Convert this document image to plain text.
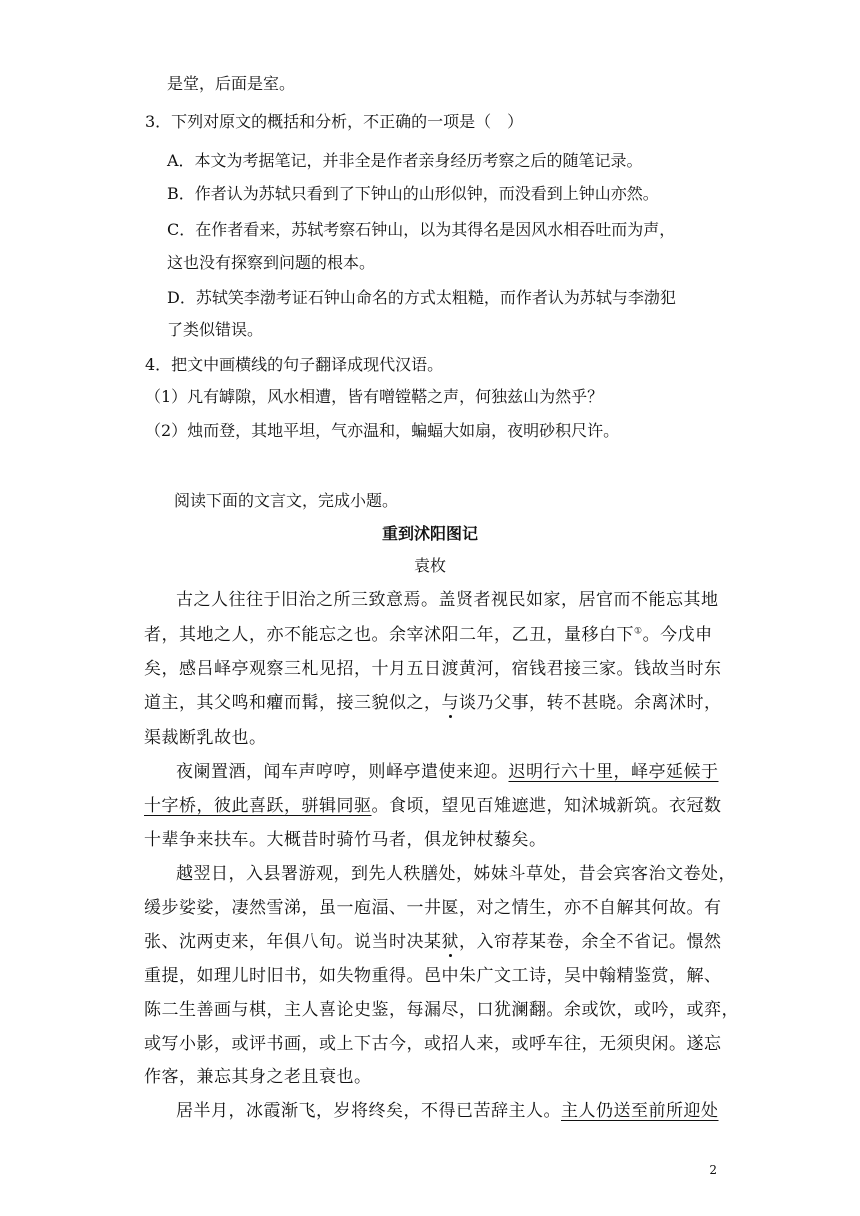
是堂，后面是室。
3．下列对原文的概括和分析，不正确的一项是（　）
A．本文为考据笔记，并非全是作者亲身经历考察之后的随笔记录。
B．作者认为苏轼只看到了下钟山的山形似钟，而没看到上钟山亦然。
C．在作者看来，苏轼考察石钟山，以为其得名是因风水相吞吐而为声，
这也没有探察到问题的根本。
D．苏轼笑李渤考证石钟山命名的方式太粗糙，而作者认为苏轼与李渤犯
了类似错误。
4．把文中画横线的句子翻译成现代汉语。
（1）凡有罅隙，风水相遭，皆有噌镗鞳之声，何独兹山为然乎？
（2）烛而登，其地平坦，气亦温和，蝙蝠大如扇，夜明砂积尺许。
阅读下面的文言文，完成小题。
重到沭阳图记
袁枚
古之人往往于旧治之所三致意焉。盖贤者视民如家，居官而不能忘其地
者，其地之人，亦不能忘之也。余宰沭阳二年，乙丑，量移白下①。今戊申
矣，感吕峄亭观察三札见招，十月五日渡黄河，宿钱君接三家。钱故当时东
道主，其父鸣和癯而髯，接三貌似之，与谈乃父事，转不甚晓。余离沭时，
渠裁断乳故也。
夜阑置酒，闻车声哼哼，则峄亭遣使来迎。迟明行六十里，峄亭延候于
十字桥，彼此喜跃，骈辑同驱。食顷，望见百雉遮迣，知沭城新筑。衣冠数
十辈争来扶车。大概昔时骑竹马者，俱龙钟杖藜矣。
越翌日，入县署游观，到先人秩膳处，姊妹斗草处，昔会宾客治文卷处，
缓步娑娑，凄然雪涕，虽一庖湢、一井匽，对之情生，亦不自解其何故。有
张、沈两吏来，年俱八旬。说当时决某狱，入帘荐某卷，余全不省记。憬然
重提，如理儿时旧书，如失物重得。邑中朱广文工诗，吴中翰精鉴赏，解、
陈二生善画与棋，主人喜论史鉴，每漏尽，口犹澜翻。余或饮，或吟，或弈，
或写小影，或评书画，或上下古今，或招人来，或呼车往，无须臾闲。遂忘
作客，兼忘其身之老且衰也。
居半月，冰霞渐飞，岁将终矣，不得已苦辞主人。主人仍送至前所迎处
2
